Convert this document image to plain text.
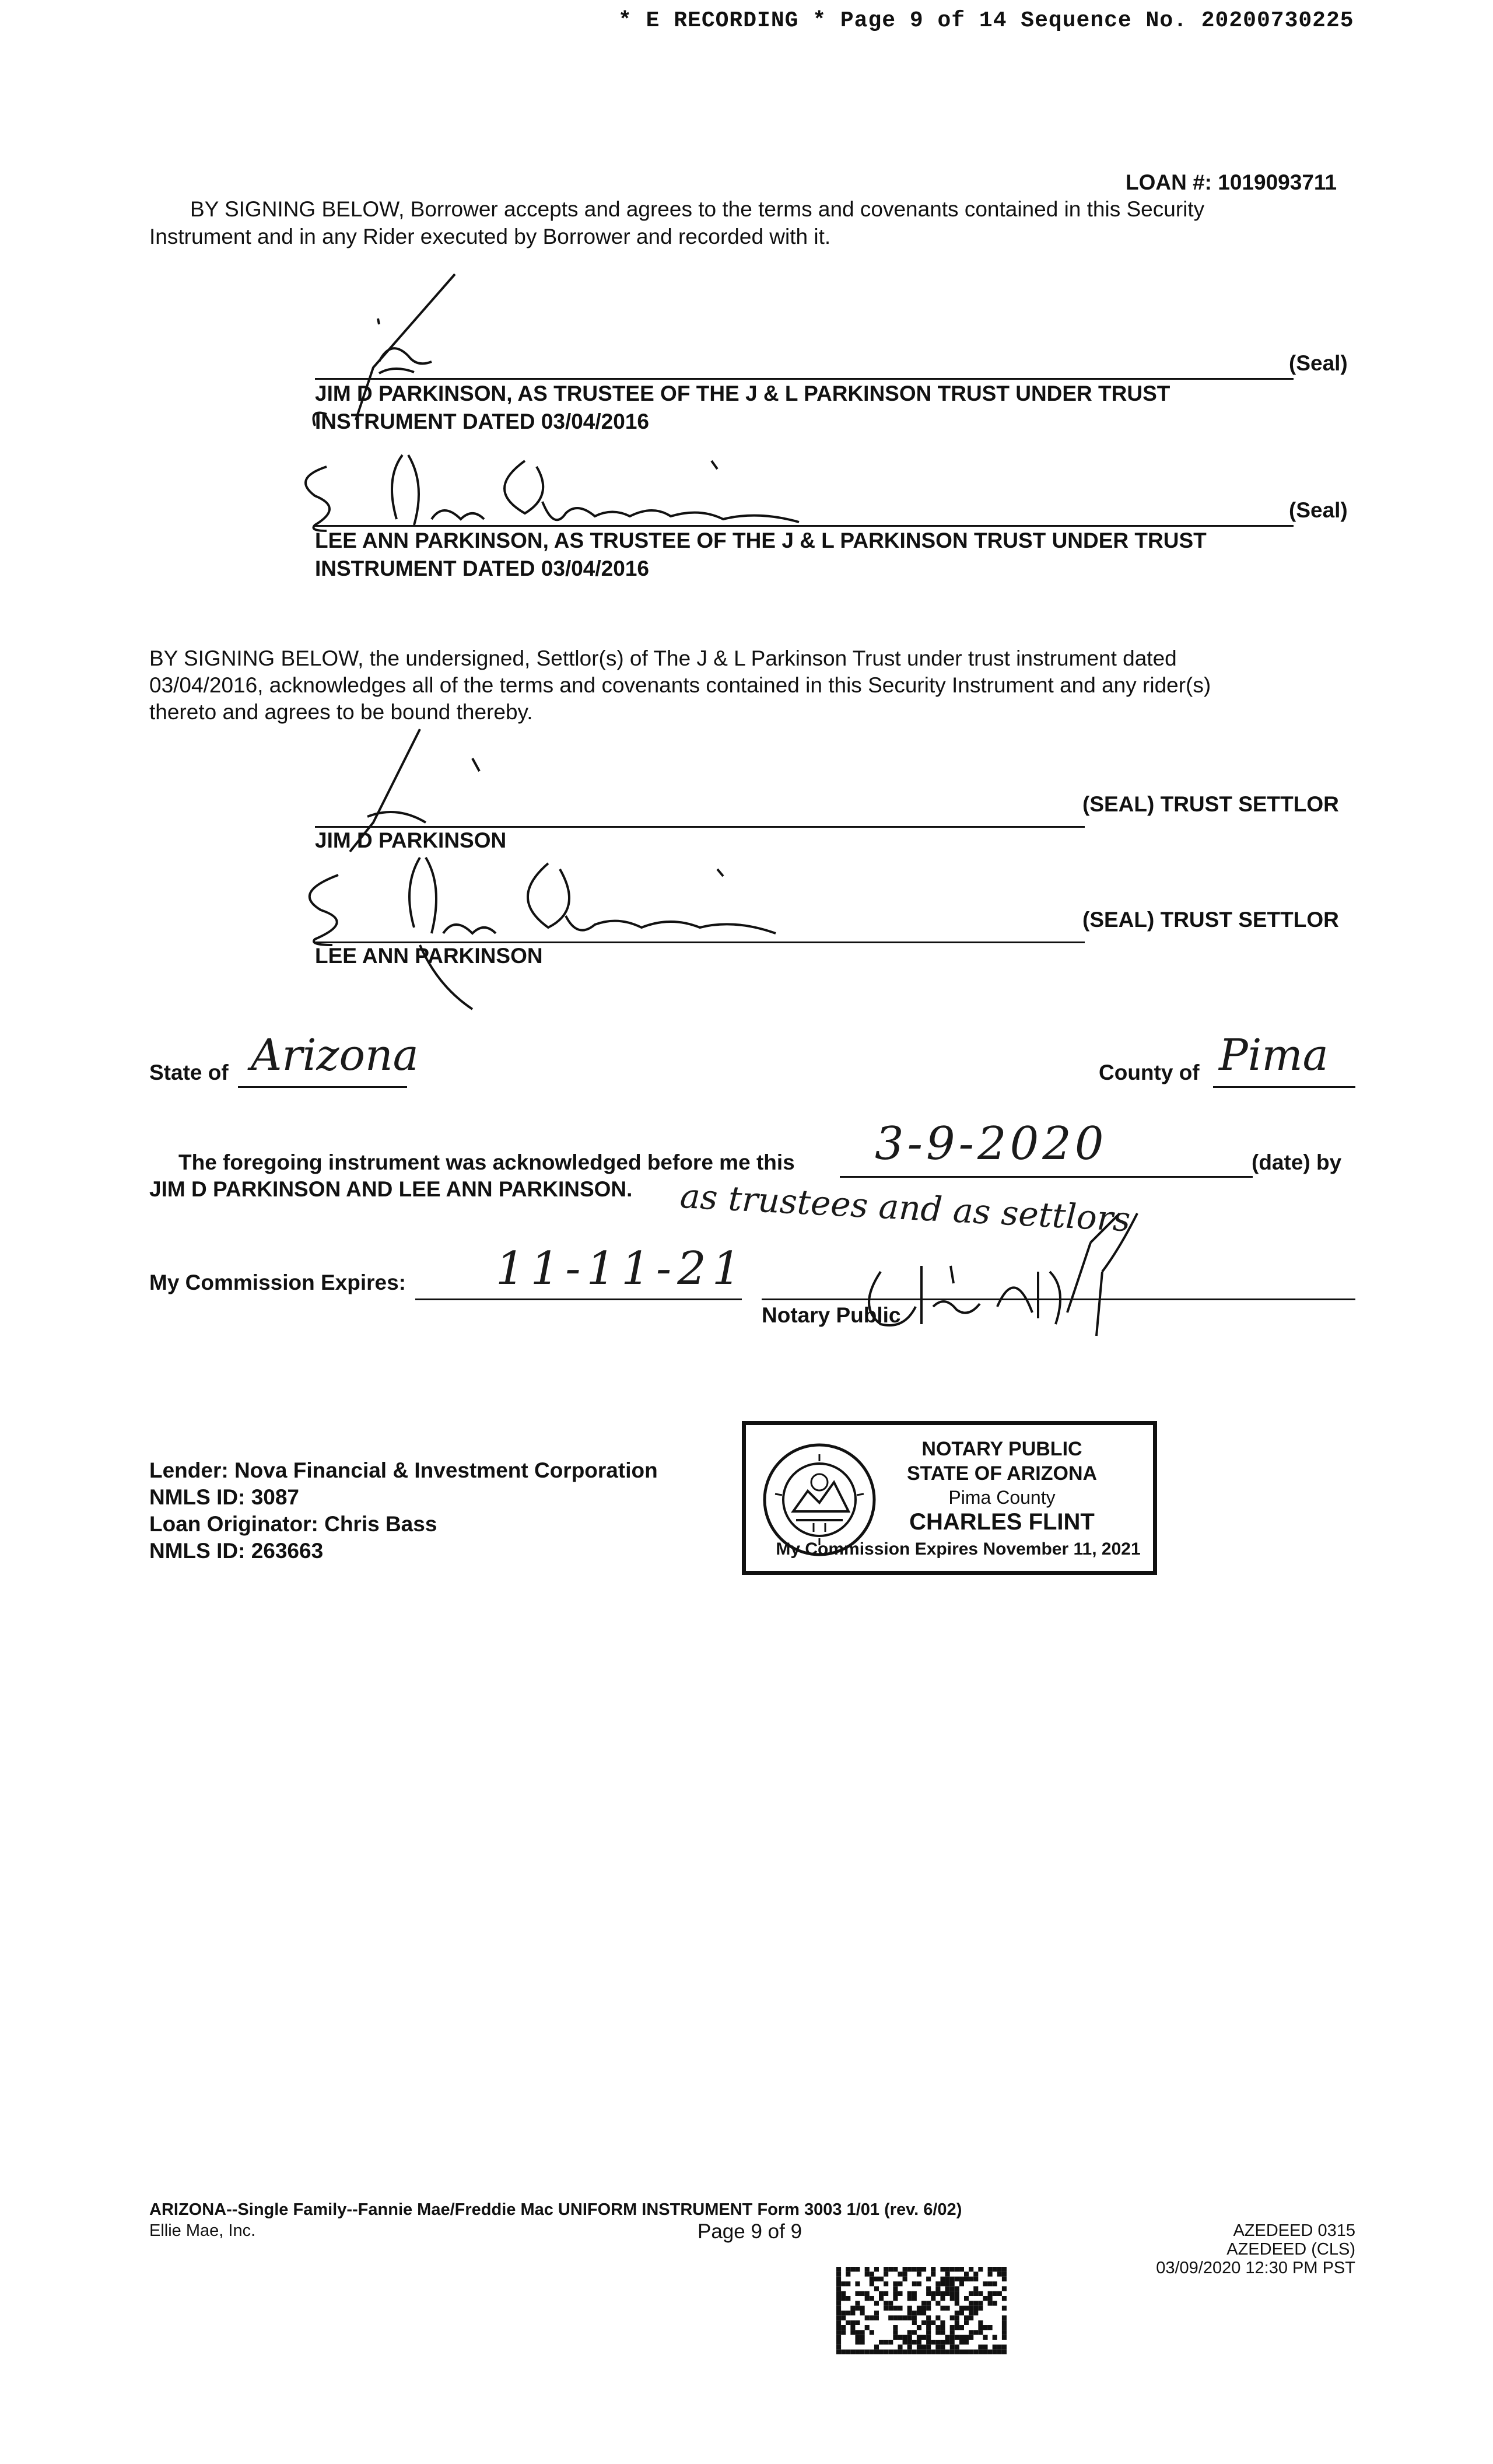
* E RECORDING * Page 9 of 14 Sequence No. 20200730225
LOAN #: 1019093711
BY SIGNING BELOW, Borrower accepts and agrees to the terms and covenants contained in this Security
Instrument and in any Rider executed by Borrower and recorded with it.
(Seal)
JIM D PARKINSON, AS TRUSTEE OF THE J & L PARKINSON TRUST UNDER TRUST
INSTRUMENT DATED 03/04/2016
(Seal)
LEE ANN PARKINSON, AS TRUSTEE OF THE J & L PARKINSON TRUST UNDER TRUST
INSTRUMENT DATED 03/04/2016
BY SIGNING BELOW, the undersigned, Settlor(s) of The J & L Parkinson Trust under trust instrument dated
03/04/2016, acknowledges all of the terms and covenants contained in this Security Instrument and any rider(s)
thereto and agrees to be bound thereby.
(SEAL) TRUST SETTLOR
JIM D PARKINSON
(SEAL) TRUST SETTLOR
LEE ANN PARKINSON
State of Arizona	County of Pima
The foregoing instrument was acknowledged before me this 3-9-2020	(date) by
JIM D PARKINSON AND LEE ANN PARKINSON. as trustees and as settlors
My Commission Expires: 11-11-21
Notary Public
Lender: Nova Financial & Investment Corporation
NMLS ID: 3087
Loan Originator: Chris Bass
NMLS ID: 263663
NOTARY PUBLIC
STATE OF ARIZONA
Pima County
CHARLES FLINT
My Commission Expires November 11, 2021
ARIZONA--Single Family--Fannie Mae/Freddie Mac UNIFORM INSTRUMENT Form 3003 1/01 (rev. 6/02)
Ellie Mae, Inc.	Page 9 of 9	AZEDEED 0315
AZEDEED (CLS)
03/09/2020 12:30 PM PST
